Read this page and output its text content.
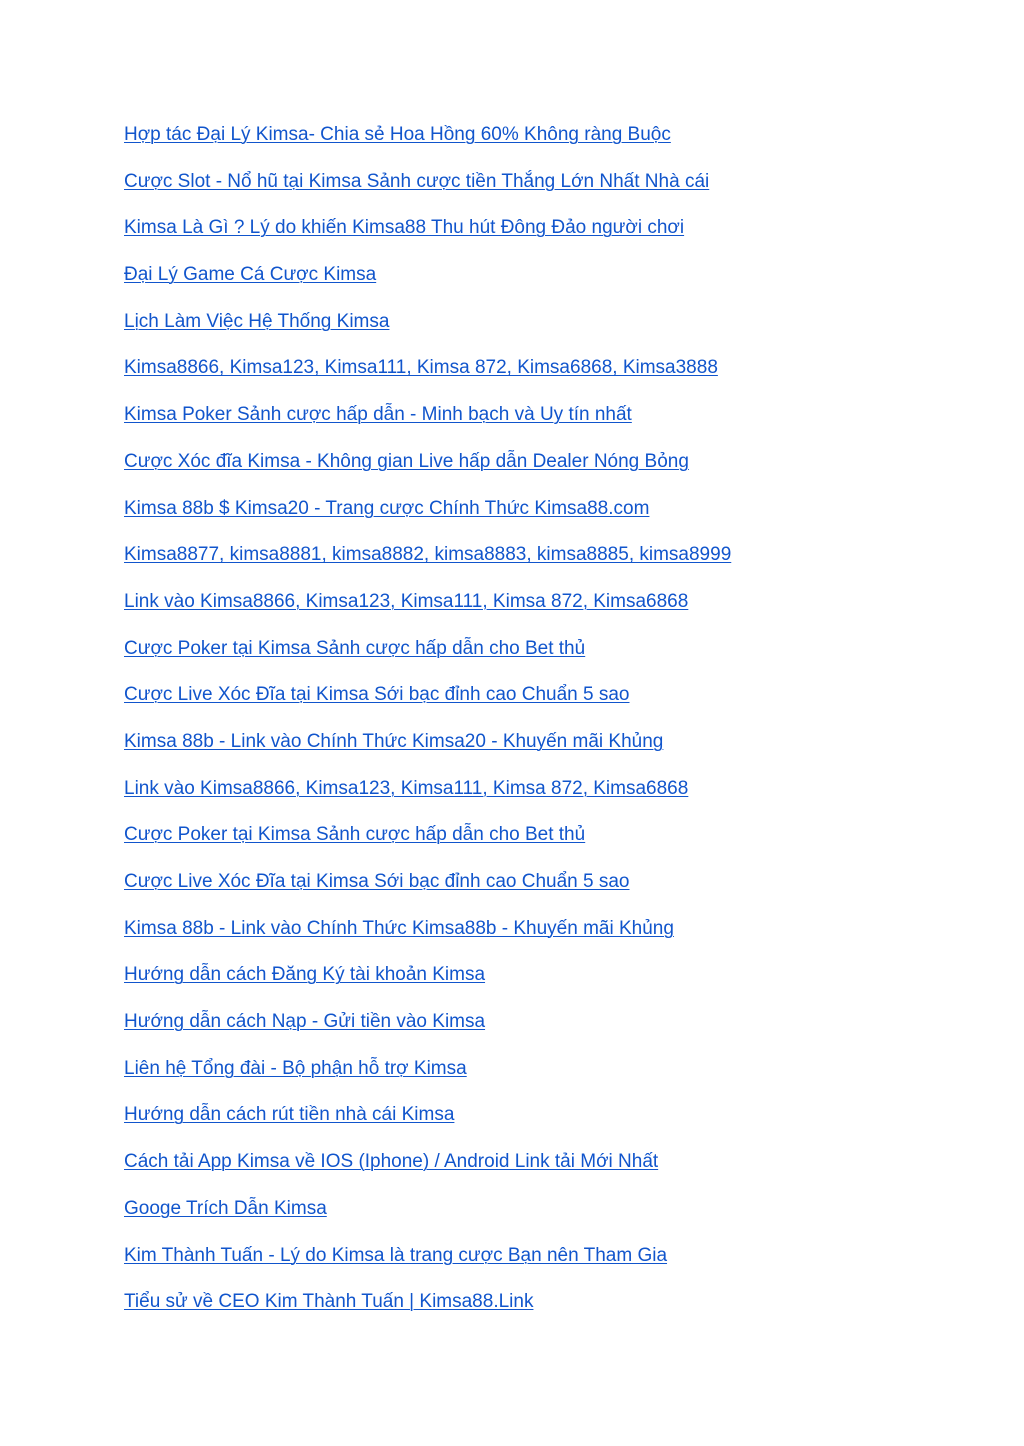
Hợp tác Đại Lý Kimsa- Chia sẻ Hoa Hồng 60% Không ràng Buộc
Cược Slot - Nổ hũ tại Kimsa Sảnh cược tiền Thắng Lớn Nhất Nhà cái
Kimsa Là Gì ? Lý do khiến Kimsa88 Thu hút Đông Đảo người chơi
Đại Lý Game Cá Cược Kimsa
Lịch Làm Việc Hệ Thống Kimsa
Kimsa8866, Kimsa123, Kimsa111, Kimsa 872, Kimsa6868, Kimsa3888
Kimsa Poker Sảnh cược hấp dẫn - Minh bạch và Uy tín nhất
Cược Xóc đĩa Kimsa - Không gian Live hấp dẫn Dealer Nóng Bỏng
Kimsa 88b $ Kimsa20 - Trang cược Chính Thức Kimsa88.com
Kimsa8877, kimsa8881, kimsa8882, kimsa8883, kimsa8885, kimsa8999
Link vào Kimsa8866, Kimsa123, Kimsa111, Kimsa 872, Kimsa6868
Cược Poker tại Kimsa Sảnh cược hấp dẫn cho Bet thủ
Cược Live Xóc Đĩa tại Kimsa Sới bạc đỉnh cao Chuẩn 5 sao
Kimsa 88b - Link vào Chính Thức Kimsa20 - Khuyến mãi Khủng
Link vào Kimsa8866, Kimsa123, Kimsa111, Kimsa 872, Kimsa6868
Cược Poker tại Kimsa Sảnh cược hấp dẫn cho Bet thủ
Cược Live Xóc Đĩa tại Kimsa Sới bạc đỉnh cao Chuẩn 5 sao
Kimsa 88b - Link vào Chính Thức Kimsa88b - Khuyến mãi Khủng
Hướng dẫn cách Đăng Ký tài khoản Kimsa
Hướng dẫn cách Nạp - Gửi tiền vào Kimsa
Liên hệ Tổng đài - Bộ phận hỗ trợ Kimsa
Hướng dẫn cách rút tiền nhà cái Kimsa
Cách tải App Kimsa về IOS (Iphone) / Android Link tải Mới Nhất
Googe Trích Dẫn Kimsa
Kim Thành Tuấn - Lý do Kimsa là trang cược Bạn nên Tham Gia
Tiểu sử về CEO Kim Thành Tuấn | Kimsa88.Link
